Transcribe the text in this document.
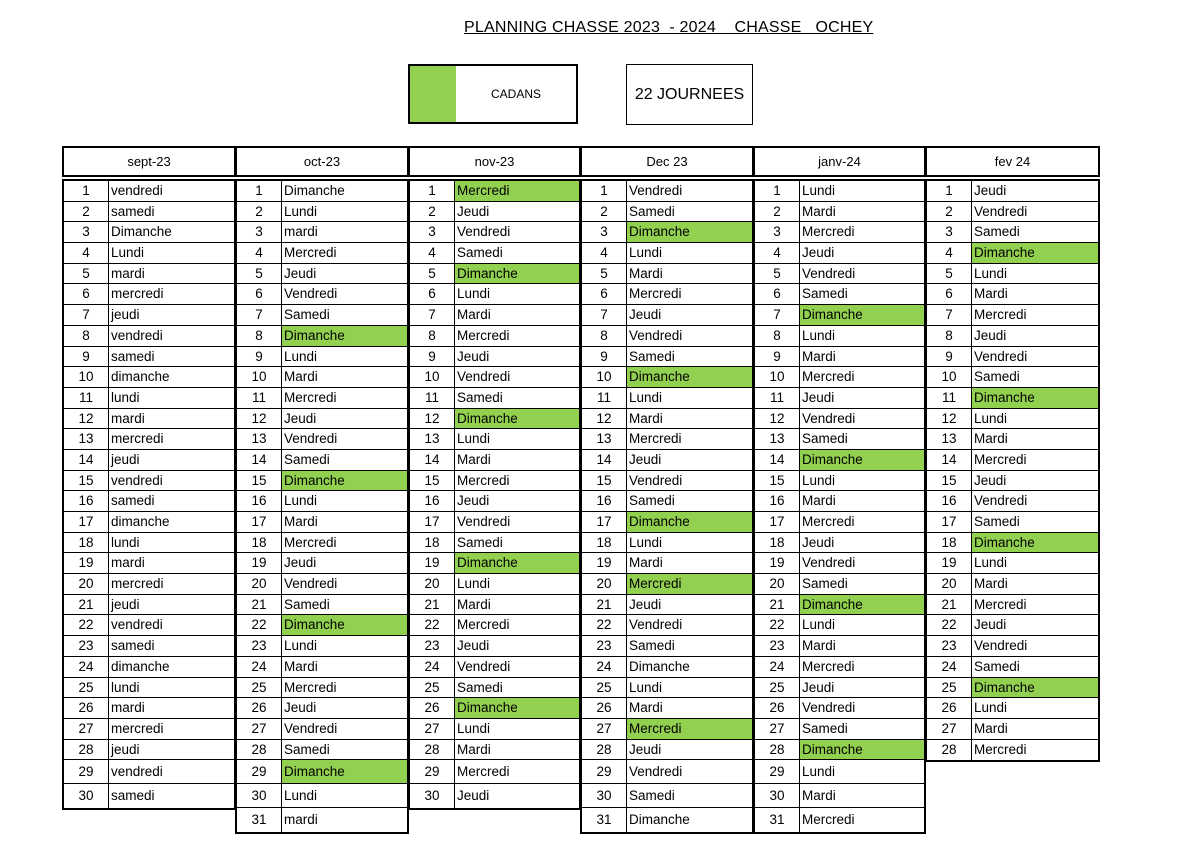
PLANNING CHASSE 2023  - 2024    CHASSE   OCHEY
CADANS	22 JOURNEES
sept-23
1	vendredi
2	samedi
3	Dimanche
4	Lundi
5	mardi
6	mercredi
7	jeudi
8	vendredi
9	samedi
10	dimanche
11	lundi
12	mardi
13	mercredi
14	jeudi
15	vendredi
16	samedi
17	dimanche
18	lundi
19	mardi
20	mercredi
21	jeudi
22	vendredi
23	samedi
24	dimanche
25	lundi
26	mardi
27	mercredi
28	jeudi
29	vendredi
30	samedi
oct-23
1	Dimanche
2	Lundi
3	mardi
4	Mercredi
5	Jeudi
6	Vendredi
7	Samedi
8	Dimanche
9	Lundi
10	Mardi
11	Mercredi
12	Jeudi
13	Vendredi
14	Samedi
15	Dimanche
16	Lundi
17	Mardi
18	Mercredi
19	Jeudi
20	Vendredi
21	Samedi
22	Dimanche
23	Lundi
24	Mardi
25	Mercredi
26	Jeudi
27	Vendredi
28	Samedi
29	Dimanche
30	Lundi
31	mardi
nov-23
1	Mercredi
2	Jeudi
3	Vendredi
4	Samedi
5	Dimanche
6	Lundi
7	Mardi
8	Mercredi
9	Jeudi
10	Vendredi
11	Samedi
12	Dimanche
13	Lundi
14	Mardi
15	Mercredi
16	Jeudi
17	Vendredi
18	Samedi
19	Dimanche
20	Lundi
21	Mardi
22	Mercredi
23	Jeudi
24	Vendredi
25	Samedi
26	Dimanche
27	Lundi
28	Mardi
29	Mercredi
30	Jeudi
Dec 23
1	Vendredi
2	Samedi
3	Dimanche
4	Lundi
5	Mardi
6	Mercredi
7	Jeudi
8	Vendredi
9	Samedi
10	Dimanche
11	Lundi
12	Mardi
13	Mercredi
14	Jeudi
15	Vendredi
16	Samedi
17	Dimanche
18	Lundi
19	Mardi
20	Mercredi
21	Jeudi
22	Vendredi
23	Samedi
24	Dimanche
25	Lundi
26	Mardi
27	Mercredi
28	Jeudi
29	Vendredi
30	Samedi
31	Dimanche
janv-24
1	Lundi
2	Mardi
3	Mercredi
4	Jeudi
5	Vendredi
6	Samedi
7	Dimanche
8	Lundi
9	Mardi
10	Mercredi
11	Jeudi
12	Vendredi
13	Samedi
14	Dimanche
15	Lundi
16	Mardi
17	Mercredi
18	Jeudi
19	Vendredi
20	Samedi
21	Dimanche
22	Lundi
23	Mardi
24	Mercredi
25	Jeudi
26	Vendredi
27	Samedi
28	Dimanche
29	Lundi
30	Mardi
31	Mercredi
fev 24
1	Jeudi
2	Vendredi
3	Samedi
4	Dimanche
5	Lundi
6	Mardi
7	Mercredi
8	Jeudi
9	Vendredi
10	Samedi
11	Dimanche
12	Lundi
13	Mardi
14	Mercredi
15	Jeudi
16	Vendredi
17	Samedi
18	Dimanche
19	Lundi
20	Mardi
21	Mercredi
22	Jeudi
23	Vendredi
24	Samedi
25	Dimanche
26	Lundi
27	Mardi
28	Mercredi
